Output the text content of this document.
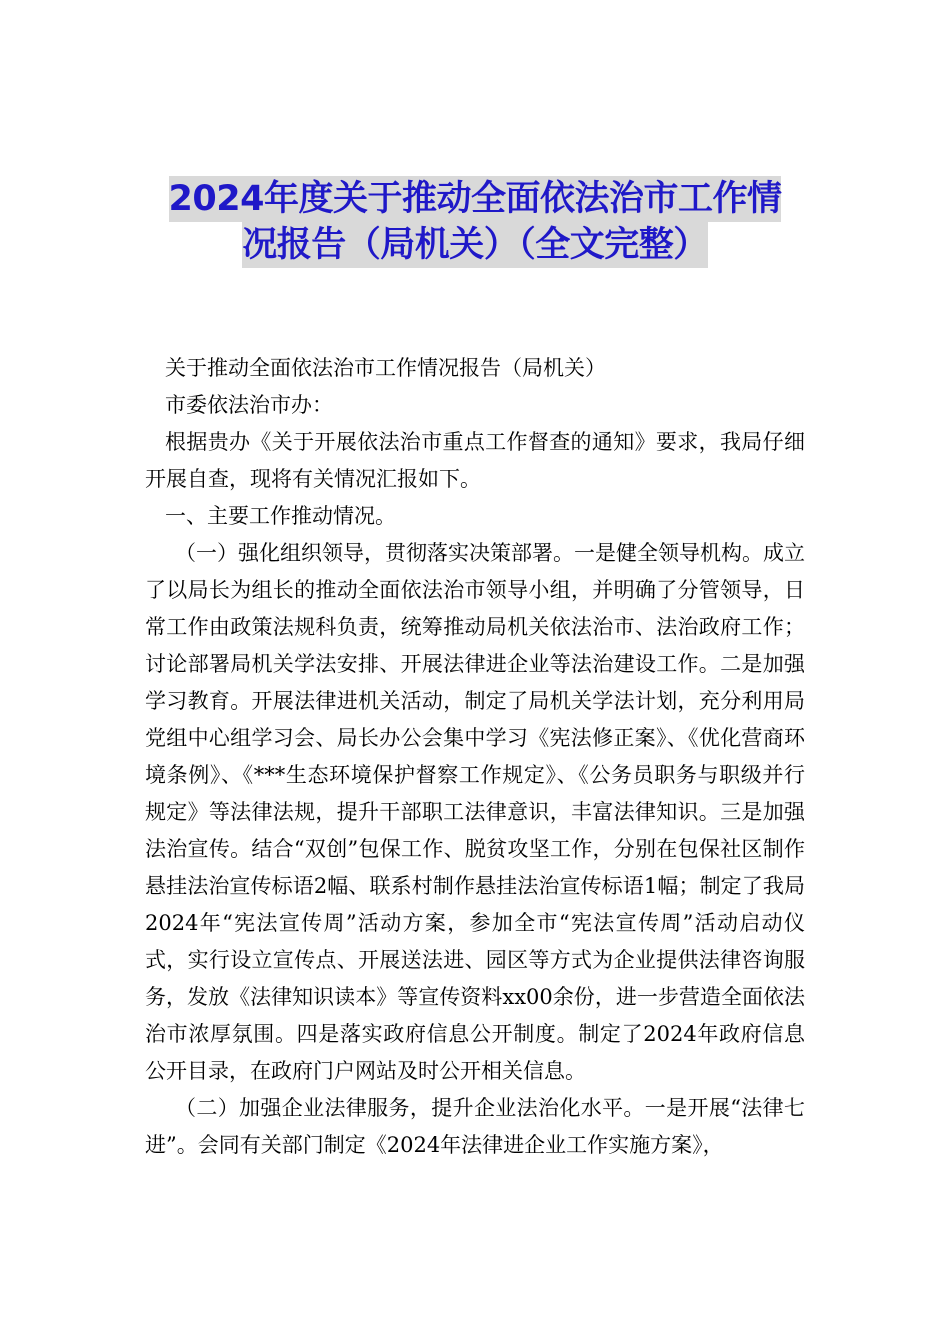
2024年度关于推动全面依法治市工作情
况报告（局机关）（全文完整）

关于推动全面依法治市工作情况报告（局机关）

市委依法治市办：

根据贵办《关于开展依法治市重点工作督查的通知》要求，我局仔细开展自查，现将有关情况汇报如下。

一、主要工作推动情况。

（一）强化组织领导，贯彻落实决策部署。一是健全领导机构。成立了以局长为组长的推动全面依法治市领导小组，并明确了分管领导，日常工作由政策法规科负责，统筹推动局机关依法治市、法治政府工作；讨论部署局机关学法安排、开展法律进企业等法治建设工作。二是加强学习教育。开展法律进机关活动，制定了局机关学法计划，充分利用局党组中心组学习会、局长办公会集中学习《宪法修正案》、《优化营商环境条例》、《***生态环境保护督察工作规定》、《公务员职务与职级并行规定》等法律法规，提升干部职工法律意识，丰富法律知识。三是加强法治宣传。结合“双创”包保工作、脱贫攻坚工作，分别在包保社区制作悬挂法治宣传标语2幅、联系村制作悬挂法治宣传标语1幅；制定了我局2024年“宪法宣传周”活动方案，参加全市“宪法宣传周”活动启动仪式，实行设立宣传点、开展送法进、园区等方式为企业提供法律咨询服务，发放《法律知识读本》等宣传资料xx00余份，进一步营造全面依法治市浓厚氛围。四是落实政府信息公开制度。制定了2024年政府信息公开目录，在政府门户网站及时公开相关信息。

（二）加强企业法律服务，提升企业法治化水平。一是开展“法律七进”。会同有关部门制定《2024年法律进企业工作实施方案》，
